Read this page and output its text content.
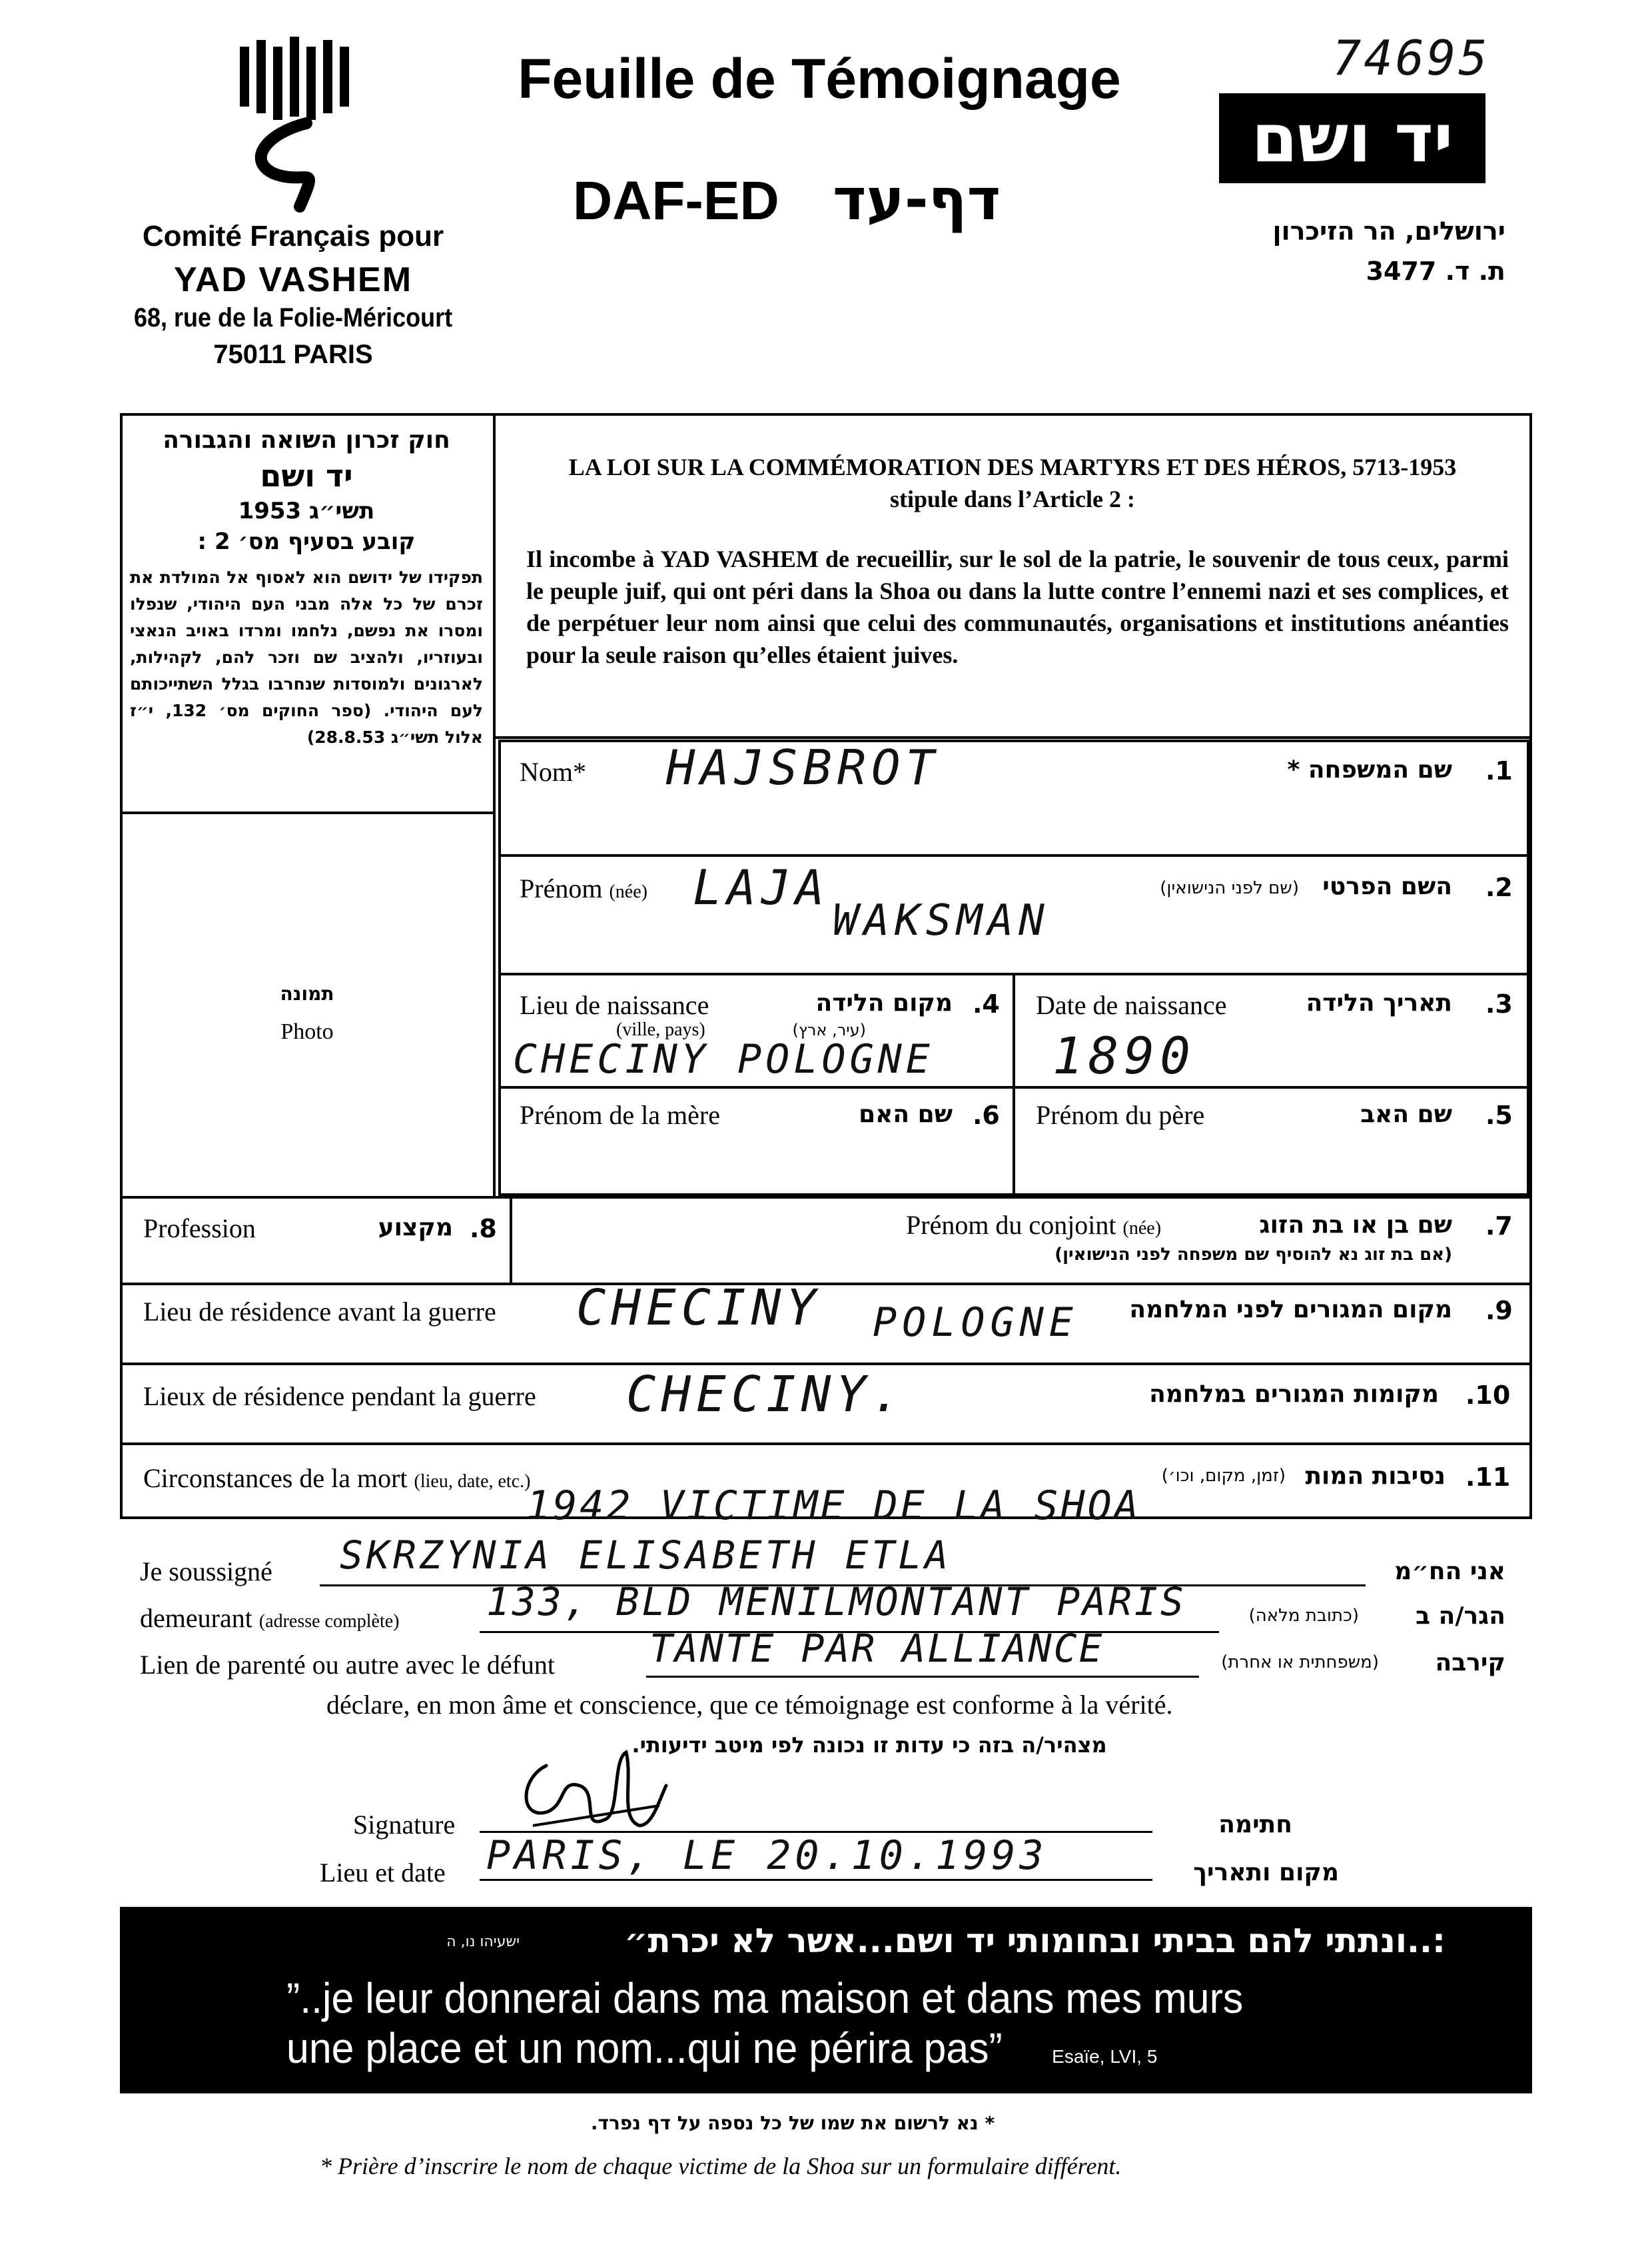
74695
Comité Français pour
YAD VASHEM
68, rue de la Folie-Méricourt
75011 PARIS
Feuille de Témoignage
DAF-ED דף-עד
יד ושם
ירושלים, הר הזיכרון
ת. ד. 3477
חוק זכרון השואה והגבורה
יד ושם
תשי״ג 1953
קובע בסעיף מס׳ 2 :
תפקידו של ידושם הוא לאסוף אל המולדת את זכרם של כל אלה מבני העם היהודי, שנפלו ומסרו את נפשם, נלחמו ומרדו באויב הנאצי ובעוזריו, ולהציב שם וזכר להם, לקהילות, לארגונים ולמוסדות שנחרבו בגלל השתייכותם לעם היהודי. (ספר החוקים מס׳ 132, י״ז אלול תשי״ג 28.8.53)
תמונה
Photo
LA LOI SUR LA COMMÉMORATION DES MARTYRS ET DES HÉROS, 5713-1953
stipule dans l’Article 2 :
Il incombe à YAD VASHEM de recueillir, sur le sol de la patrie, le souvenir de tous ceux, parmi le peuple juif, qui ont péri dans la Shoa ou dans la lutte contre l’ennemi nazi et ses complices, et de perpétuer leur nom ainsi que celui des communautés, organisations et institutions anéanties pour la seule raison qu’elles étaient juives.
Nom* HAJSBROT	שם המשפחה * .1
Prénom (née) LAJA
WAKSMAN
(שם לפני הנישואין) השם הפרטי .2
Lieu de naissance	מקום הלידה .4
(ville, pays)	(עיר, ארץ)
CHECINY POLOGNE
Date de naissance	תאריך הלידה .3
1890
Prénom de la mère	שם האם .6 Prénom du père	שם האב .5
Profession	מקצוע .8	Prénom du conjoint (née)	שם בן או בת הזוג .7
(אם בת זוג נא להוסיף שם משפחה לפני הנישואין)
Lieu de résidence avant la guerre CHECINY POLOGNE	מקום המגורים לפני המלחמה .9
Lieux de résidence pendant la guerre CHECINY.	מקומות המגורים במלחמה .10
Circonstances de la mort (lieu, date, etc.)	(זמן, מקום, וכו׳) נסיבות המות .11
1942 VICTIME DE LA SHOA
Je soussigné SKRZYNIA ELISABETH ETLA	אני הח״מ
demeurant (adresse complète) 133, BLD MENILMONTANT PARIS	(כתובת מלאה)	הגר/ה ב
Lien de parenté ou autre avec le défunt TANTE PAR ALLIANCE	(משפחתית או אחרת)	קירבה
déclare, en mon âme et conscience, que ce témoignage est conforme à la vérité.
מצהיר/ה בזה כי עדות זו נכונה לפי מיטב ידיעותי.
Signature	חתימה
Lieu et date PARIS, LE 20.10.1993	מקום ותאריך
ישעיהו נו, ה	:..ונתתי להם בביתי ובחומותי יד ושם...אשר לא יכרת״
”..je leur donnerai dans ma maison et dans mes murs
une place et un nom...qui ne périra pas”	Esaïe, LVI, 5
* נא לרשום את שמו של כל נספה על דף נפרד.
* Prière d’inscrire le nom de chaque victime de la Shoa sur un formulaire différent.
